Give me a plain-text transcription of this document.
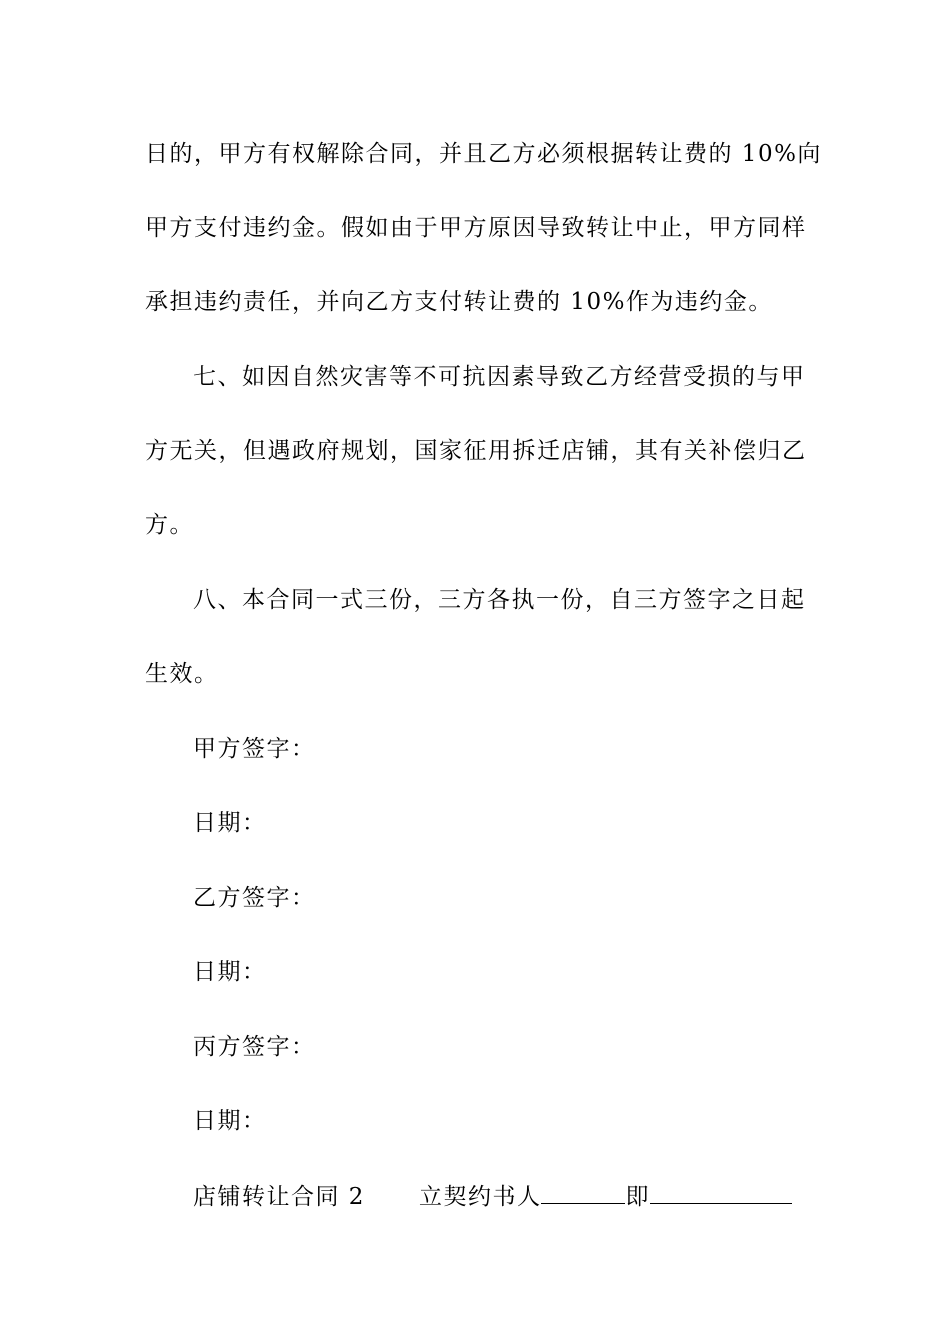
日的，甲方有权解除合同，并且乙方必须根据转让费的 10%向
甲方支付违约金。假如由于甲方原因导致转让中止，甲方同样
承担违约责任，并向乙方支付转让费的 10%作为违约金。
七、如因自然灾害等不可抗因素导致乙方经营受损的与甲
方无关，但遇政府规划，国家征用拆迁店铺，其有关补偿归乙
方。
八、本合同一式三份，三方各执一份，自三方签字之日起
生效。
甲方签字：
日期：
乙方签字：
日期：
丙方签字：
日期：
店铺转让合同 2 立契约书人	即
